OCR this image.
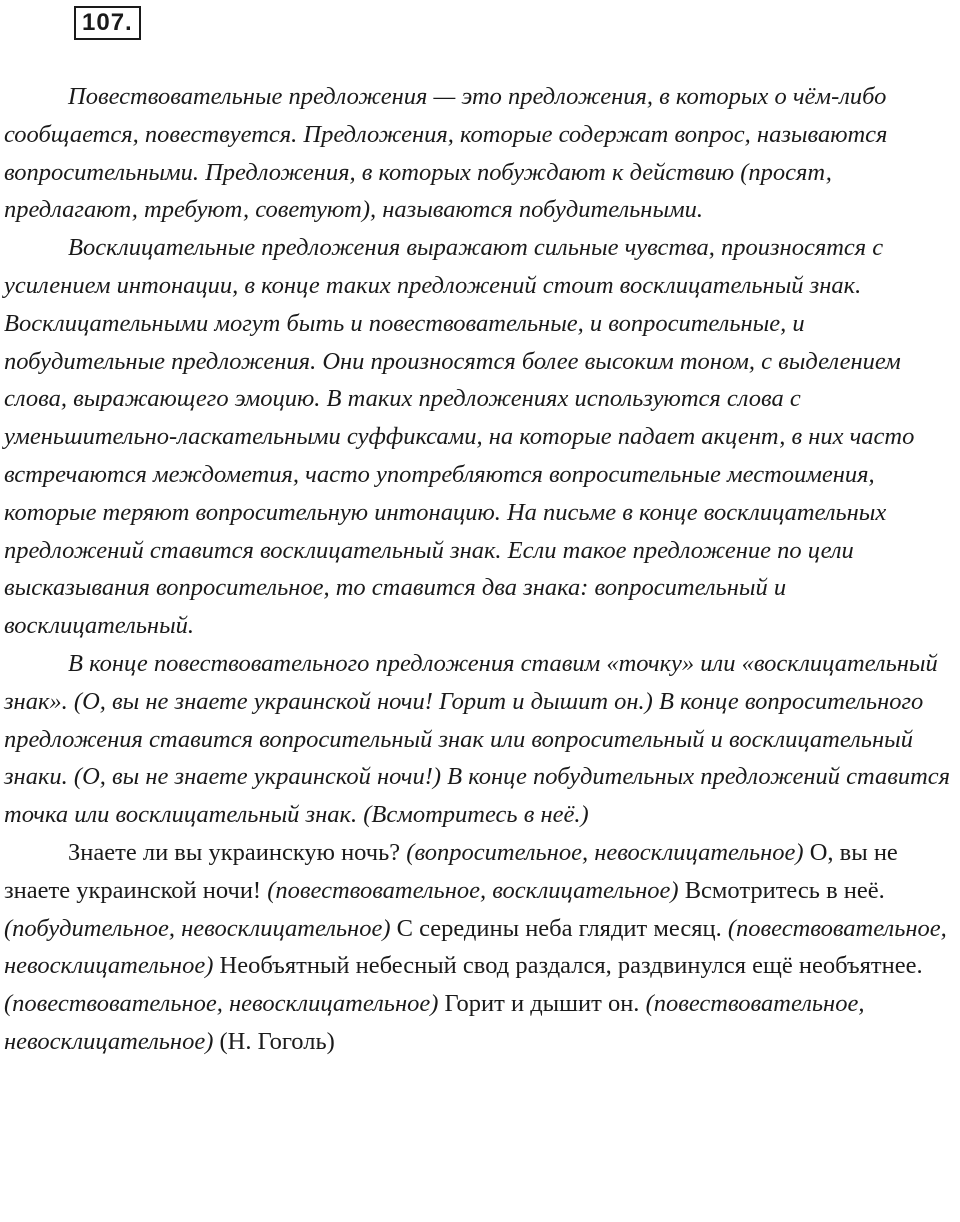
107.

Повествовательные предложения — это предложения, в которых о чём-либо сообщается, повествуется. Предложения, которые содержат вопрос, называются вопросительными. Предложения, в которых побуждают к действию (просят, предлагают, требуют, советуют), называются побудительными.

Восклицательные предложения выражают сильные чувства, произносятся с усилением интонации, в конце таких предложений стоит восклицательный знак. Восклицательными могут быть и повествовательные, и вопросительные, и побудительные предложения. Они произносятся более высоким тоном, с выделением слова, выражающего эмоцию. В таких предложениях используются слова с уменьшительно-ласкательными суффиксами, на которые падает акцент, в них часто встречаются междометия, часто употребляются вопросительные местоимения, которые теряют вопросительную интонацию. На письме в конце восклицательных предложений ставится восклицательный знак. Если такое предложение по цели высказывания вопросительное, то ставится два знака: вопросительный и восклицательный.

В конце повествовательного предложения ставим «точку» или «восклицательный знак». (О, вы не знаете украинской ночи! Горит и дышит он.) В конце вопросительного предложения ставится вопросительный знак или вопросительный и восклицательный знаки. (О, вы не знаете украинской ночи!) В конце побудительных предложений ставится точка или восклицательный знак. (Всмотритесь в неё.)

Знаете ли вы украинскую ночь? (вопросительное, невосклицательное) О, вы не знаете украинской ночи! (повествовательное, восклицательное) Всмотритесь в неё. (побудительное, невосклицательное) С середины неба глядит месяц. (повествовательное, невосклицательное) Необъятный небесный свод раздался, раздвинулся ещё необъятнее. (повествовательное, невосклицательное) Горит и дышит он. (повествовательное, невосклицательное) (Н. Гоголь)
